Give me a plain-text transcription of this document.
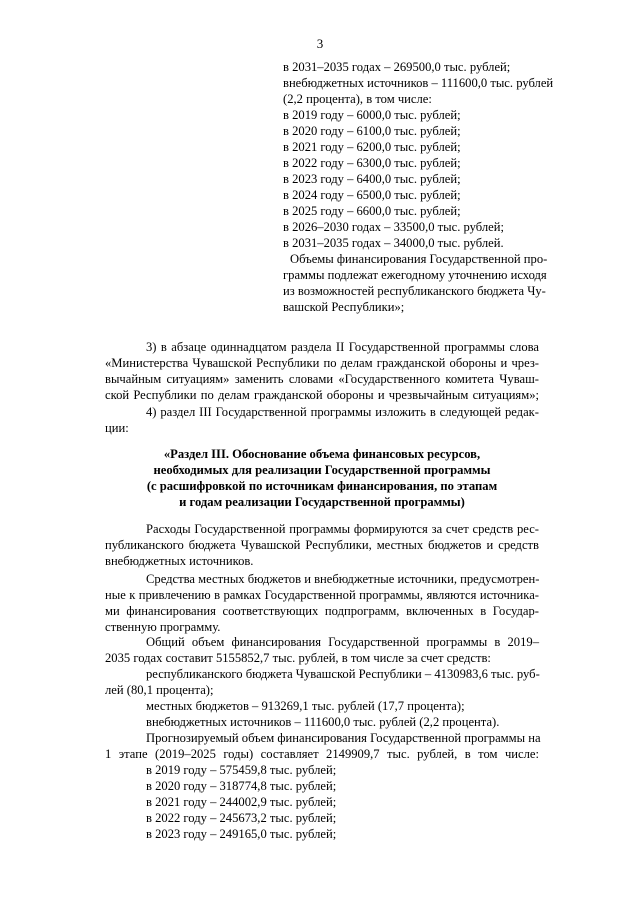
3
в 2031–2035 годах – 269500,0 тыс. рублей;
внебюджетных источников – 111600,0 тыс. рублей
(2,2 процента), в том числе:
в 2019 году – 6000,0 тыс. рублей;
в 2020 году – 6100,0 тыс. рублей;
в 2021 году – 6200,0 тыс. рублей;
в 2022 году – 6300,0 тыс. рублей;
в 2023 году – 6400,0 тыс. рублей;
в 2024 году – 6500,0 тыс. рублей;
в 2025 году – 6600,0 тыс. рублей;
в 2026–2030 годах – 33500,0 тыс. рублей;
в 2031–2035 годах – 34000,0 тыс. рублей.
Объемы финансирования Государственной про-
граммы подлежат ежегодному уточнению исходя
из возможностей республиканского бюджета Чу-
вашской Республики»;
3) в абзаце одиннадцатом раздела II Государственной программы слова
«Министерства Чувашской Республики по делам гражданской обороны и чрез-
вычайным ситуациям» заменить словами «Государственного комитета Чуваш-
ской Республики по делам гражданской обороны и чрезвычайным ситуациям»;
4) раздел III Государственной программы изложить в следующей редак-
ции:
«Раздел III. Обоснование объема финансовых ресурсов,
необходимых для реализации Государственной программы
(с расшифровкой по источникам финансирования, по этапам
и годам реализации Государственной программы)
Расходы Государственной программы формируются за счет средств рес-
публиканского бюджета Чувашской Республики, местных бюджетов и средств
внебюджетных источников.
Средства местных бюджетов и внебюджетные источники, предусмотрен-
ные к привлечению в рамках Государственной программы, являются источника-
ми финансирования соответствующих подпрограмм, включенных в Государ-
ственную программу.
Общий объем финансирования Государственной программы в 2019–
2035 годах составит 5155852,7 тыс. рублей, в том числе за счет средств:
республиканского бюджета Чувашской Республики – 4130983,6 тыс. руб-
лей (80,1 процента);
местных бюджетов – 913269,1 тыс. рублей (17,7 процента);
внебюджетных источников – 111600,0 тыс. рублей (2,2 процента).
Прогнозируемый объем финансирования Государственной программы на
1 этапе (2019–2025 годы) составляет 2149909,7 тыс. рублей, в том числе:
в 2019 году – 575459,8 тыс. рублей;
в 2020 году – 318774,8 тыс. рублей;
в 2021 году – 244002,9 тыс. рублей;
в 2022 году – 245673,2 тыс. рублей;
в 2023 году – 249165,0 тыс. рублей;
